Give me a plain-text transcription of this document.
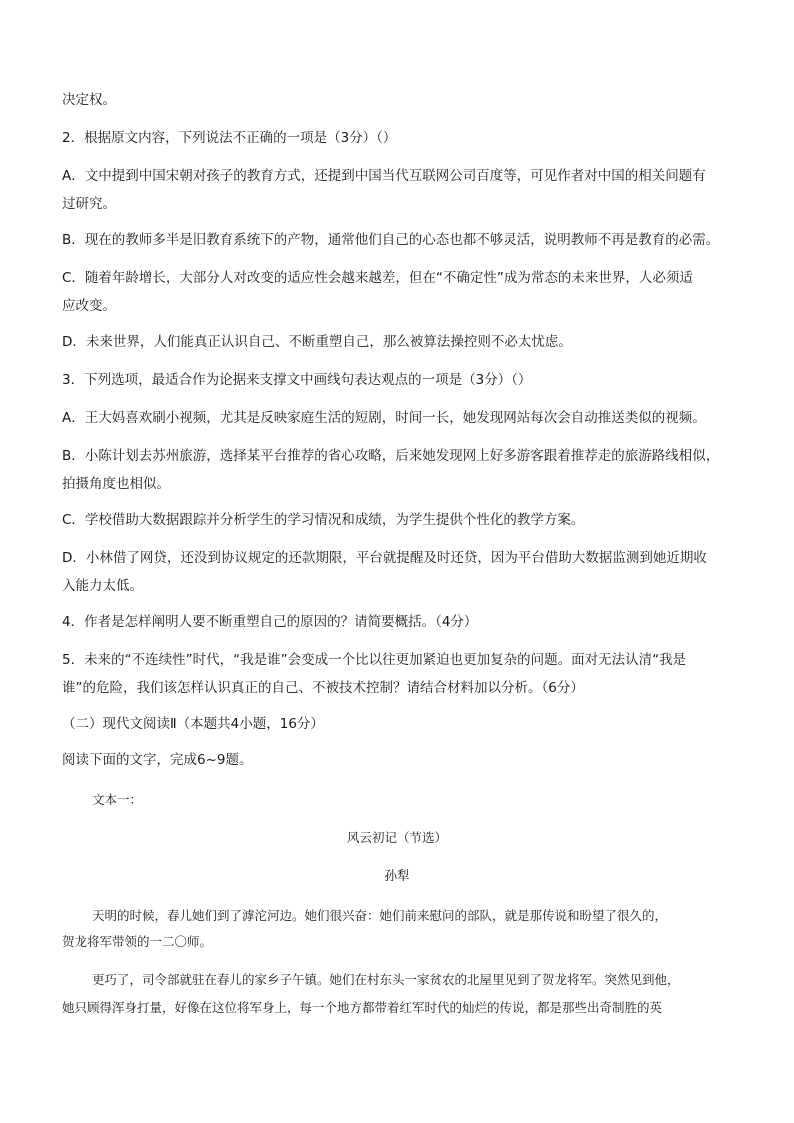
决定权。
2．根据原文内容，下列说法不正确的一项是（3分）（）
A．文中提到中国宋朝对孩子的教育方式，还提到中国当代互联网公司百度等，可见作者对中国的相关问题有
过研究。
B．现在的教师多半是旧教育系统下的产物，通常他们自己的心态也都不够灵活，说明教师不再是教育的必需。
C．随着年龄增长，大部分人对改变的适应性会越来越差，但在“不确定性”成为常态的未来世界，人必须适
应改变。
D．未来世界，人们能真正认识自己、不断重塑自己，那么被算法操控则不必太忧虑。
3．下列选项，最适合作为论据来支撑文中画线句表达观点的一项是（3分）（）
A．王大妈喜欢刷小视频，尤其是反映家庭生活的短剧，时间一长，她发现网站每次会自动推送类似的视频。
B．小陈计划去苏州旅游，选择某平台推荐的省心攻略，后来她发现网上好多游客跟着推荐走的旅游路线相似，
拍摄角度也相似。
C．学校借助大数据跟踪并分析学生的学习情况和成绩，为学生提供个性化的教学方案。
D．小林借了网贷，还没到协议规定的还款期限，平台就提醒及时还贷，因为平台借助大数据监测到她近期收
入能力太低。
4．作者是怎样阐明人要不断重塑自己的原因的？请简要概括。（4分）
5．未来的“不连续性”时代，“我是谁”会变成一个比以往更加紧迫也更加复杂的问题。面对无法认清“我是
谁”的危险，我们该怎样认识真正的自己、不被技术控制？请结合材料加以分析。（6分）
（二）现代文阅读Ⅱ（本题共4小题，16分）
阅读下面的文字，完成6~9题。
文本一：
风云初记（节选）
孙犁
天明的时候，春儿她们到了滹沱河边。她们很兴奋：她们前来慰问的部队，就是那传说和盼望了很久的，
贺龙将军带领的一二〇师。
更巧了，司令部就驻在春儿的家乡子午镇。她们在村东头一家贫农的北屋里见到了贺龙将军。突然见到他，
她只顾得浑身打量，好像在这位将军身上，每一个地方都带着红军时代的灿烂的传说，都是那些出奇制胜的英
